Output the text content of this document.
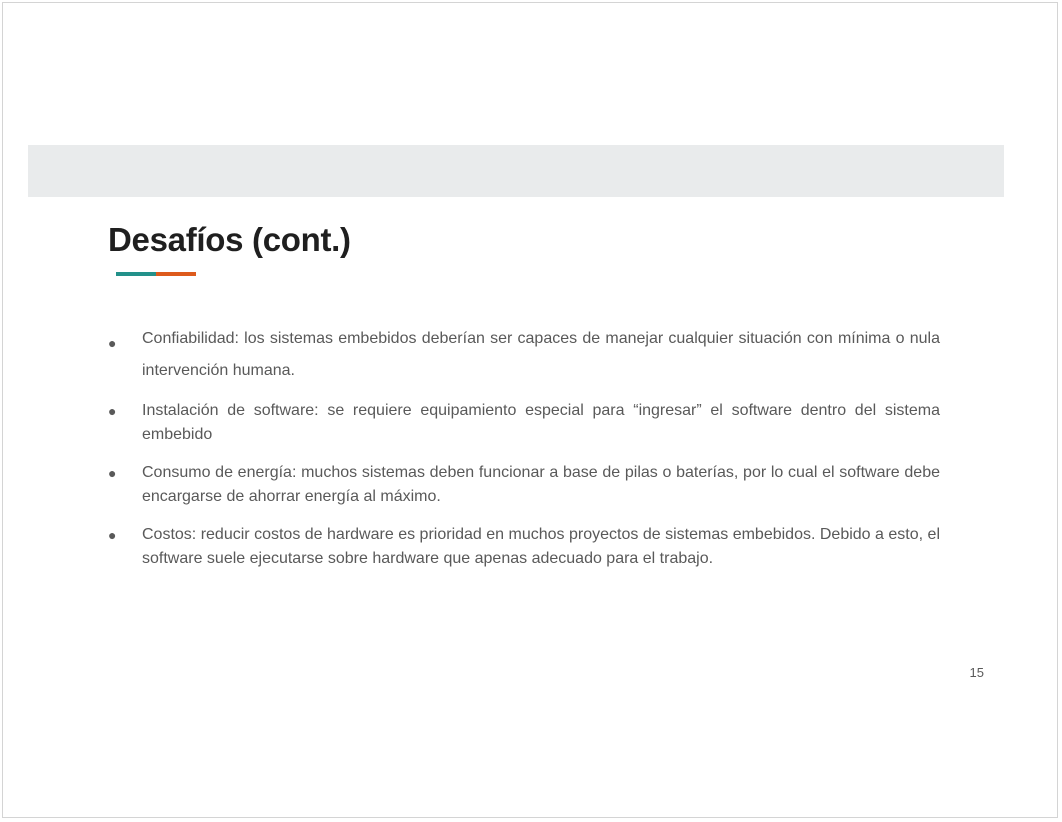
Desafíos (cont.)
● Confiabilidad: los sistemas embebidos deberían ser capaces de manejar cualquier situación con mínima o nula intervención humana.
● Instalación de software: se requiere equipamiento especial para “ingresar” el software dentro del sistema embebido
● Consumo de energía: muchos sistemas deben funcionar a base de pilas o baterías, por lo cual el software debe encargarse de ahorrar energía al máximo.
● Costos: reducir costos de hardware es prioridad en muchos proyectos de sistemas embebidos. Debido a esto, el software suele ejecutarse sobre hardware que apenas adecuado para el trabajo.
15
